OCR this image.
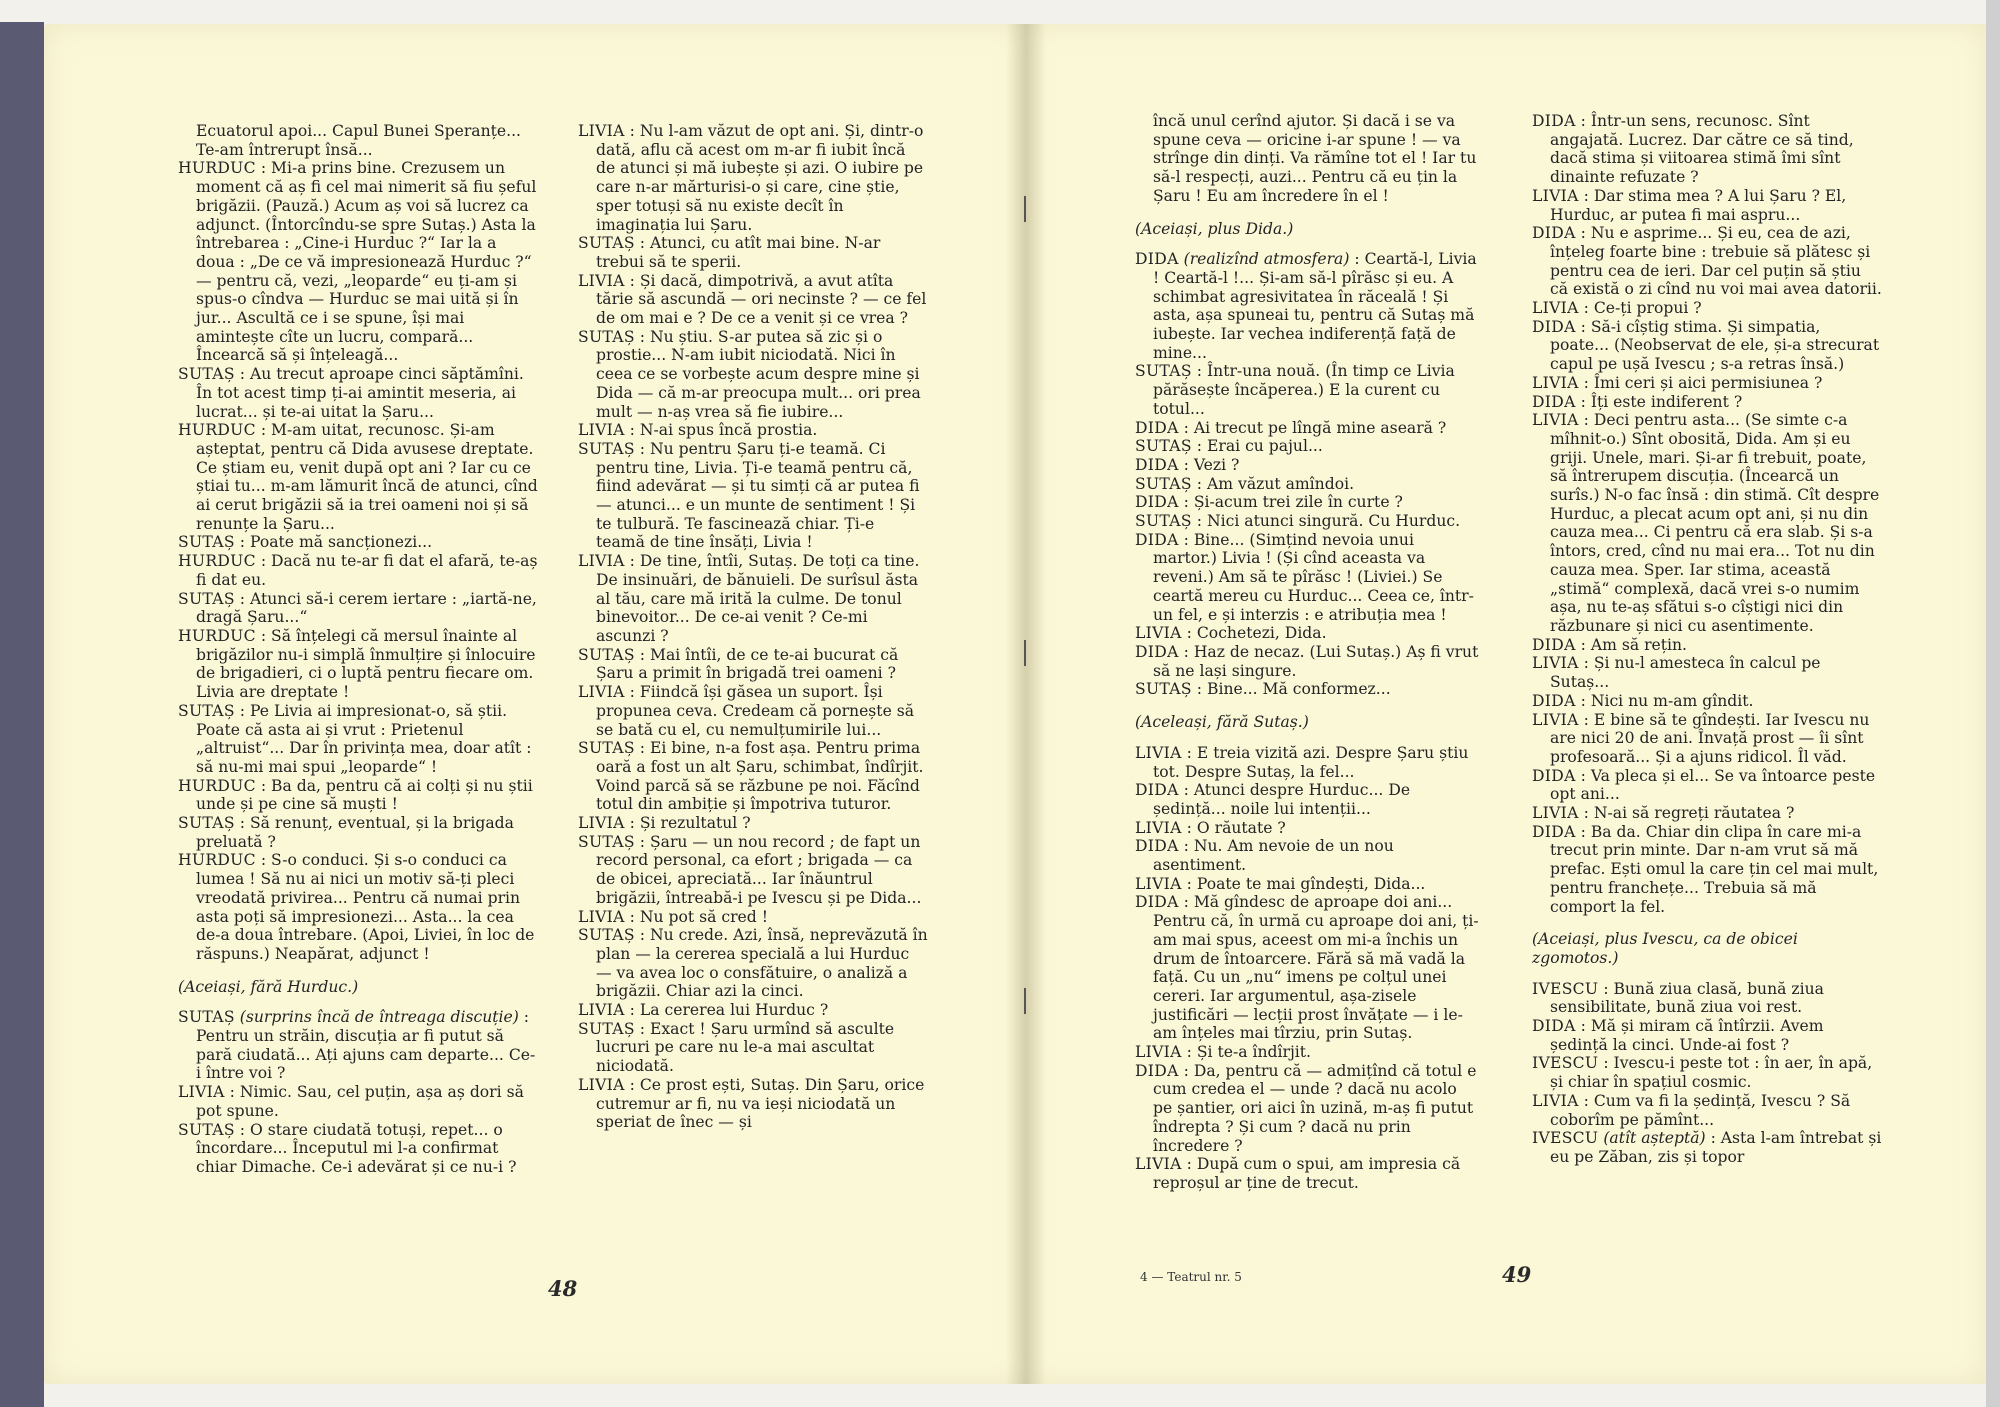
Ecuatorul apoi... Capul Bunei Speranțe... Te-am întrerupt însă...

HURDUC : Mi-a prins bine. Crezusem un moment că aș fi cel mai nimerit să fiu șeful brigăzii. (Pauză.) Acum aș voi să lucrez ca adjunct. (Întorcîndu-se spre Sutaș.) Asta la întrebarea : „Cine-i Hurduc ?“ Iar la a doua : „De ce vă impresionează Hurduc ?“ — pentru că, vezi, „leoparde“ eu ți-am și spus-o cîndva — Hurduc se mai uită și în jur... Ascultă ce i se spune, își mai amintește cîte un lucru, compară... Încearcă să și înțeleagă...

SUTAȘ : Au trecut aproape cinci săptămîni. În tot acest timp ți-ai amintit meseria, ai lucrat... și te-ai uitat la Șaru...

HURDUC : M-am uitat, recunosc. Și-am așteptat, pentru că Dida avusese dreptate. Ce știam eu, venit după opt ani ? Iar cu ce știai tu... m-am lămurit încă de atunci, cînd ai cerut brigăzii să ia trei oameni noi și să renunțe la Șaru...

SUTAȘ : Poate mă sancționezi...

HURDUC : Dacă nu te-ar fi dat el afară, te-aș fi dat eu.

SUTAȘ : Atunci să-i cerem iertare : „iartă-ne, dragă Șaru...“

HURDUC : Să înțelegi că mersul înainte al brigăzilor nu-i simplă înmulțire și înlocuire de brigadieri, ci o luptă pentru fiecare om. Livia are dreptate !

SUTAȘ : Pe Livia ai impresionat-o, să știi. Poate că asta ai și vrut : Prietenul „altruist“... Dar în privința mea, doar atît : să nu-mi mai spui „leoparde“ !

HURDUC : Ba da, pentru că ai colți și nu știi unde și pe cine să muști !

SUTAȘ : Să renunț, eventual, și la brigada preluată ?

HURDUC : S-o conduci. Și s-o conduci ca lumea ! Să nu ai nici un motiv să-ți pleci vreodată privirea... Pentru că numai prin asta poți să impresionezi... Asta... la cea de-a doua întrebare. (Apoi, Liviei, în loc de răspuns.) Neapărat, adjunct !

(Aceiași, fără Hurduc.)

SUTAȘ (surprins încă de întreaga discuție) : Pentru un străin, discuția ar fi putut să pară ciudată... Ați ajuns cam departe... Ce-i între voi ?

LIVIA : Nimic. Sau, cel puțin, așa aș dori să pot spune.

SUTAȘ : O stare ciudată totuși, repet... o încordare... Începutul mi l-a confirmat chiar Dimache. Ce-i adevărat și ce nu-i ?

LIVIA : Nu l-am văzut de opt ani. Și, dintr-o dată, aflu că acest om m-ar fi iubit încă de atunci și mă iubește și azi. O iubire pe care n-ar mărturisi-o și care, cine știe, sper totuși să nu existe decît în imaginația lui Șaru.

SUTAȘ : Atunci, cu atît mai bine. N-ar trebui să te sperii.

LIVIA : Și dacă, dimpotrivă, a avut atîta tărie să ascundă — ori necinste ? — ce fel de om mai e ? De ce a venit și ce vrea ?

SUTAȘ : Nu știu. S-ar putea să zic și o prostie... N-am iubit niciodată. Nici în ceea ce se vorbește acum despre mine și Dida — că m-ar preocupa mult... ori prea mult — n-aș vrea să fie iubire...

LIVIA : N-ai spus încă prostia.

SUTAȘ : Nu pentru Șaru ți-e teamă. Ci pentru tine, Livia. Ți-e teamă pentru că, fiind adevărat — și tu simți că ar putea fi — atunci... e un munte de sentiment ! Și te tulbură. Te fascinează chiar. Ți-e teamă de tine însăți, Livia !

LIVIA : De tine, întîi, Sutaș. De toți ca tine. De insinuări, de bănuieli. De surîsul ăsta al tău, care mă irită la culme. De tonul binevoitor... De ce-ai venit ? Ce-mi ascunzi ?

SUTAȘ : Mai întîi, de ce te-ai bucurat că Șaru a primit în brigadă trei oameni ?

LIVIA : Fiindcă își găsea un suport. Își propunea ceva. Credeam că pornește să se bată cu el, cu nemulțumirile lui...

SUTAȘ : Ei bine, n-a fost așa. Pentru prima oară a fost un alt Șaru, schimbat, îndîrjit. Voind parcă să se răzbune pe noi. Făcînd totul din ambiție și împotriva tuturor.

LIVIA : Și rezultatul ?

SUTAȘ : Șaru — un nou record ; de fapt un record personal, ca efort ; brigada — ca de obicei, apreciată... Iar înăuntrul brigăzii, întreabă-i pe Ivescu și pe Dida...

LIVIA : Nu pot să cred !

SUTAȘ : Nu crede. Azi, însă, neprevăzută în plan — la cererea specială a lui Hurduc — va avea loc o consfătuire, o analiză a brigăzii. Chiar azi la cinci.

LIVIA : La cererea lui Hurduc ?

SUTAȘ : Exact ! Șaru urmînd să asculte lucruri pe care nu le-a mai ascultat niciodată.

LIVIA : Ce prost ești, Sutaș. Din Șaru, orice cutremur ar fi, nu va ieși niciodată un speriat de înec — și

încă unul cerînd ajutor. Și dacă i se va spune ceva — oricine i-ar spune ! — va strînge din dinți. Va rămîne tot el ! Iar tu să-l respecți, auzi... Pentru că eu țin la Șaru ! Eu am încredere în el !

(Aceiași, plus Dida.)

DIDA (realizînd atmosfera) : Ceartă-l, Livia ! Ceartă-l !... Și-am să-l pîrăsc și eu. A schimbat agresivitatea în răceală ! Și asta, așa spuneai tu, pentru că Sutaș mă iubește. Iar vechea indiferență față de mine...

SUTAȘ : Într-una nouă. (În timp ce Livia părăsește încăperea.) E la curent cu totul...

DIDA : Ai trecut pe lîngă mine aseară ?

SUTAȘ : Erai cu pajul...

DIDA : Vezi ?

SUTAȘ : Am văzut amîndoi.

DIDA : Și-acum trei zile în curte ?

SUTAȘ : Nici atunci singură. Cu Hurduc.

DIDA : Bine... (Simțind nevoia unui martor.) Livia ! (Și cînd aceasta va reveni.) Am să te pîrăsc ! (Liviei.) Se ceartă mereu cu Hurduc... Ceea ce, într-un fel, e și interzis : e atribuția mea !

LIVIA : Cochetezi, Dida.

DIDA : Haz de necaz. (Lui Sutaș.) Aș fi vrut să ne lași singure.

SUTAȘ : Bine... Mă conformez...

(Aceleași, fără Sutaș.)

LIVIA : E treia vizită azi. Despre Șaru știu tot. Despre Sutaș, la fel...

DIDA : Atunci despre Hurduc... De ședință... noile lui intenții...

LIVIA : O răutate ?

DIDA : Nu. Am nevoie de un nou asentiment.

LIVIA : Poate te mai gîndești, Dida...

DIDA : Mă gîndesc de aproape doi ani... Pentru că, în urmă cu aproape doi ani, ți-am mai spus, aceest om mi-a închis un drum de întoarcere. Fără să mă vadă la față. Cu un „nu“ imens pe colțul unei cereri. Iar argumentul, așa-zisele justificări — lecții prost învățate — i le-am înțeles mai tîrziu, prin Sutaș.

LIVIA : Și te-a îndîrjit.

DIDA : Da, pentru că — admițînd că totul e cum credea el — unde ? dacă nu acolo pe șantier, ori aici în uzină, m-aș fi putut îndrepta ? Și cum ? dacă nu prin încredere ?

LIVIA : După cum o spui, am impresia că reproșul ar ține de trecut.

DIDA : Într-un sens, recunosc. Sînt angajată. Lucrez. Dar către ce să tind, dacă stima și viitoarea stimă îmi sînt dinainte refuzate ?

LIVIA : Dar stima mea ? A lui Șaru ? El, Hurduc, ar putea fi mai aspru...

DIDA : Nu e asprime... Și eu, cea de azi, înțeleg foarte bine : trebuie să plătesc și pentru cea de ieri. Dar cel puțin să știu că există o zi cînd nu voi mai avea datorii.

LIVIA : Ce-ți propui ?

DIDA : Să-i cîștig stima. Și simpatia, poate... (Neobservat de ele, și-a strecurat capul pe ușă Ivescu ; s-a retras însă.)

LIVIA : Îmi ceri și aici permisiunea ?

DIDA : Îți este indiferent ?

LIVIA : Deci pentru asta... (Se simte c-a mîhnit-o.) Sînt obosită, Dida. Am și eu griji. Unele, mari. Și-ar fi trebuit, poate, să întrerupem discuția. (Încearcă un surîs.) N-o fac însă : din stimă. Cît despre Hurduc, a plecat acum opt ani, și nu din cauza mea... Ci pentru că era slab. Și s-a întors, cred, cînd nu mai era... Tot nu din cauza mea. Sper. Iar stima, această „stimă“ complexă, dacă vrei s-o numim așa, nu te-aș sfătui s-o cîștigi nici din răzbunare și nici cu asentimente.

DIDA : Am să rețin.

LIVIA : Și nu-l amestecа în calcul pe Sutaș...

DIDA : Nici nu m-am gîndit.

LIVIA : E bine să te gîndești. Iar Ivescu nu are nici 20 de ani. Învață prost — îi sînt profesoară... Și a ajuns ridicol. Îl văd.

DIDA : Va pleca și el... Se va întoarce peste opt ani...

LIVIA : N-ai să regreți răutatea ?

DIDA : Ba da. Chiar din clipa în care mi-a trecut prin minte. Dar n-am vrut să mă prefac. Ești omul la care țin cel mai mult, pentru franchețe... Trebuia să mă comport la fel.

(Aceiași, plus Ivescu, ca de obicei zgomotos.)

IVESCU : Bună ziua clasă, bună ziua sensibilitate, bună ziua voi rest.

DIDA : Mă și miram că întîrzii. Avem ședință la cinci. Unde-ai fost ?

IVESCU : Ivescu-i peste tot : în aer, în apă, și chiar în spațiul cosmic.

LIVIA : Cum va fi la ședință, Ivescu ? Să coborîm pe pămînt...

IVESCU (atît așteptă) : Asta l-am întrebat și eu pe Zăban, zis și topor

48
49
4 — Teatrul nr. 5
